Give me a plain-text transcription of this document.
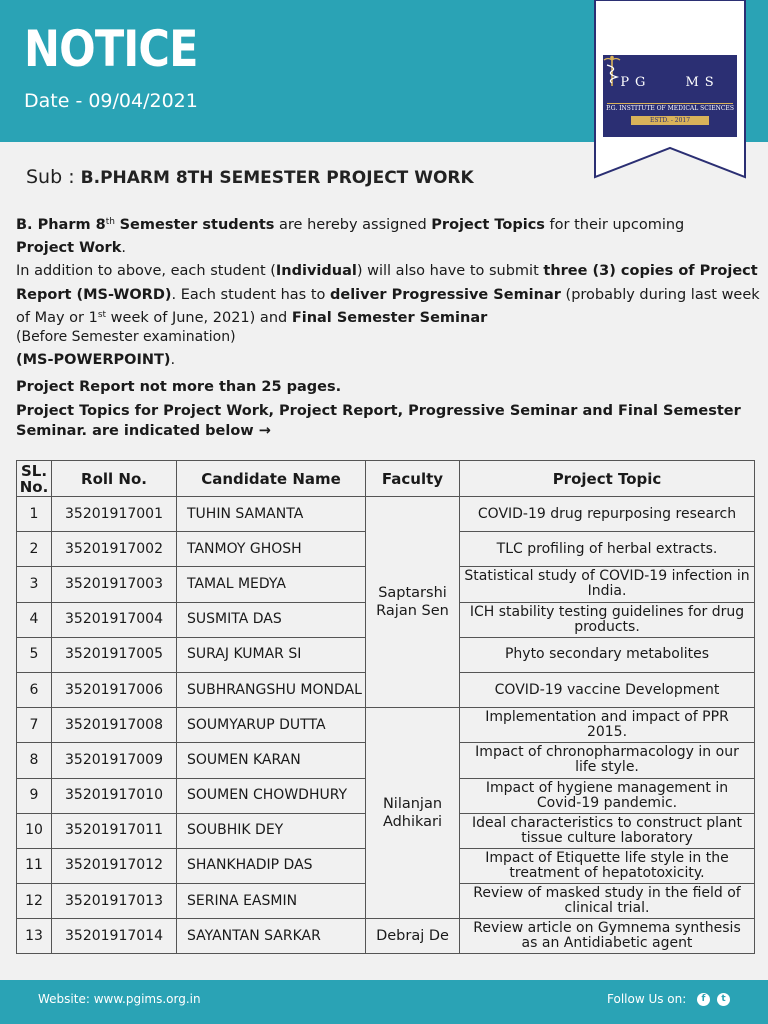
NOTICE
Date - 09/04/2021
PG	MS
P.G. INSTITUTE OF MEDICAL SCIENCES
ESTD. - 2017
Sub : B.PHARM 8TH SEMESTER PROJECT WORK
B. Pharm 8th Semester students are hereby assigned Project Topics for their upcoming
Project Work.
In addition to above, each student (Individual) will also have to submit three (3) copies of Project
Report (MS-WORD). Each student has to deliver Progressive Seminar (probably during last week
of May or 1st week of June, 2021) and Final Semester Seminar
(Before Semester examination)
(MS-POWERPOINT).
Project Report not more than 25 pages.
Project Topics for Project Work, Project Report, Progressive Seminar and Final Semester
Seminar. are indicated below →
SL.
No.	Roll No.	Candidate Name	Faculty	Project Topic
1	35201917001	TUHIN SAMANTA	Saptarshi Rajan Sen	COVID-19 drug repurposing research
2	35201917002	TANMOY GHOSH		TLC profiling of herbal extracts.
3	35201917003	TAMAL MEDYA		Statistical study of COVID-19 infection in India.
4	35201917004	SUSMITA DAS		ICH stability testing guidelines for drug products.
5	35201917005	SURAJ KUMAR SI		Phyto secondary metabolites
6	35201917006	SUBHRANGSHU MONDAL		COVID-19 vaccine Development
7	35201917008	SOUMYARUP DUTTA	Nilanjan Adhikari	Implementation and impact of PPR 2015.
8	35201917009	SOUMEN KARAN		Impact of chronopharmacology in our life style.
9	35201917010	SOUMEN CHOWDHURY		Impact of hygiene management in Covid-19 pandemic.
10	35201917011	SOUBHIK DEY		Ideal characteristics to construct plant tissue culture laboratory
11	35201917012	SHANKHADIP DAS		Impact of Etiquette life style in the treatment of hepatotoxicity.
12	35201917013	SERINA EASMIN		Review of masked study in the field of clinical trial.
13	35201917014	SAYANTAN SARKAR	Debraj De	Review article on Gymnema synthesis as an Antidiabetic agent
Website: www.pgims.org.in	Follow Us on:	f	t
